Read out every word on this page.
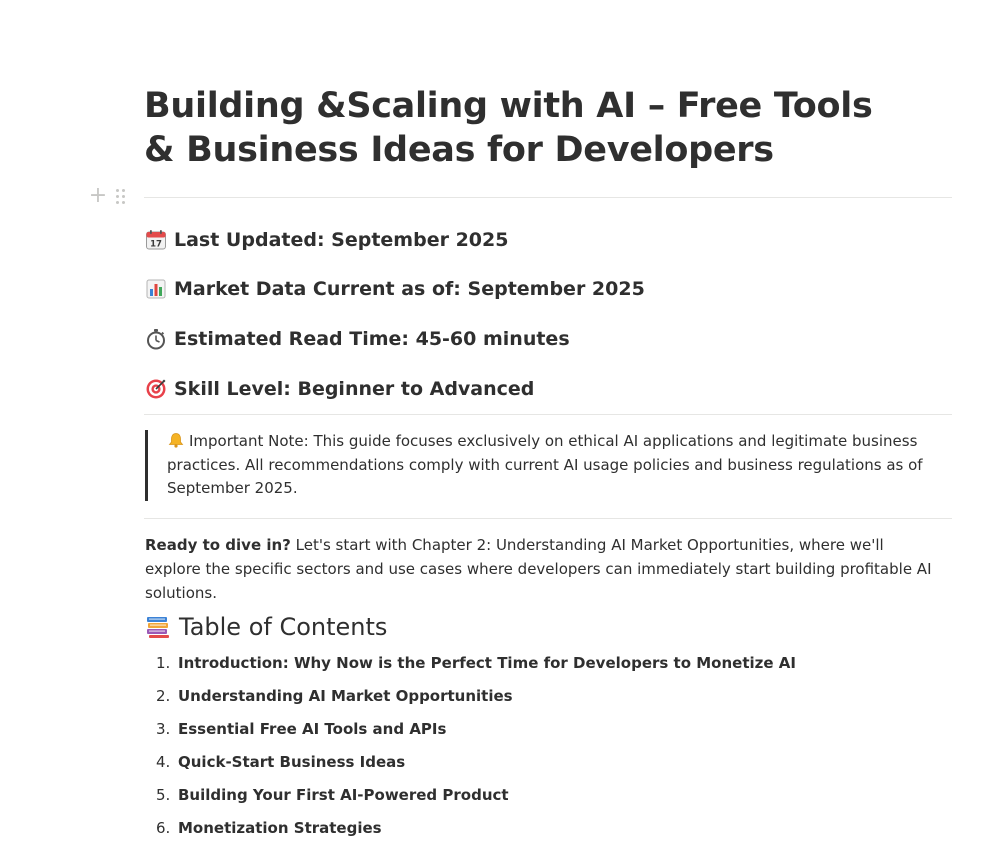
Building &Scaling with AI – Free Tools & Business Ideas for Developers
+
17 Last Updated: September 2025
Market Data Current as of: September 2025
Estimated Read Time: 45-60 minutes
Skill Level: Beginner to Advanced
Important Note: This guide focuses exclusively on ethical AI applications and legitimate business practices. All recommendations comply with current AI usage policies and business regulations as of September 2025.
Ready to dive in? Let's start with Chapter 2: Understanding AI Market Opportunities, where we'll explore the specific sectors and use cases where developers can immediately start building profitable AI solutions.
Table of Contents
1. Introduction: Why Now is the Perfect Time for Developers to Monetize AI
2. Understanding AI Market Opportunities
3. Essential Free AI Tools and APIs
4. Quick-Start Business Ideas
5. Building Your First AI-Powered Product
6. Monetization Strategies
